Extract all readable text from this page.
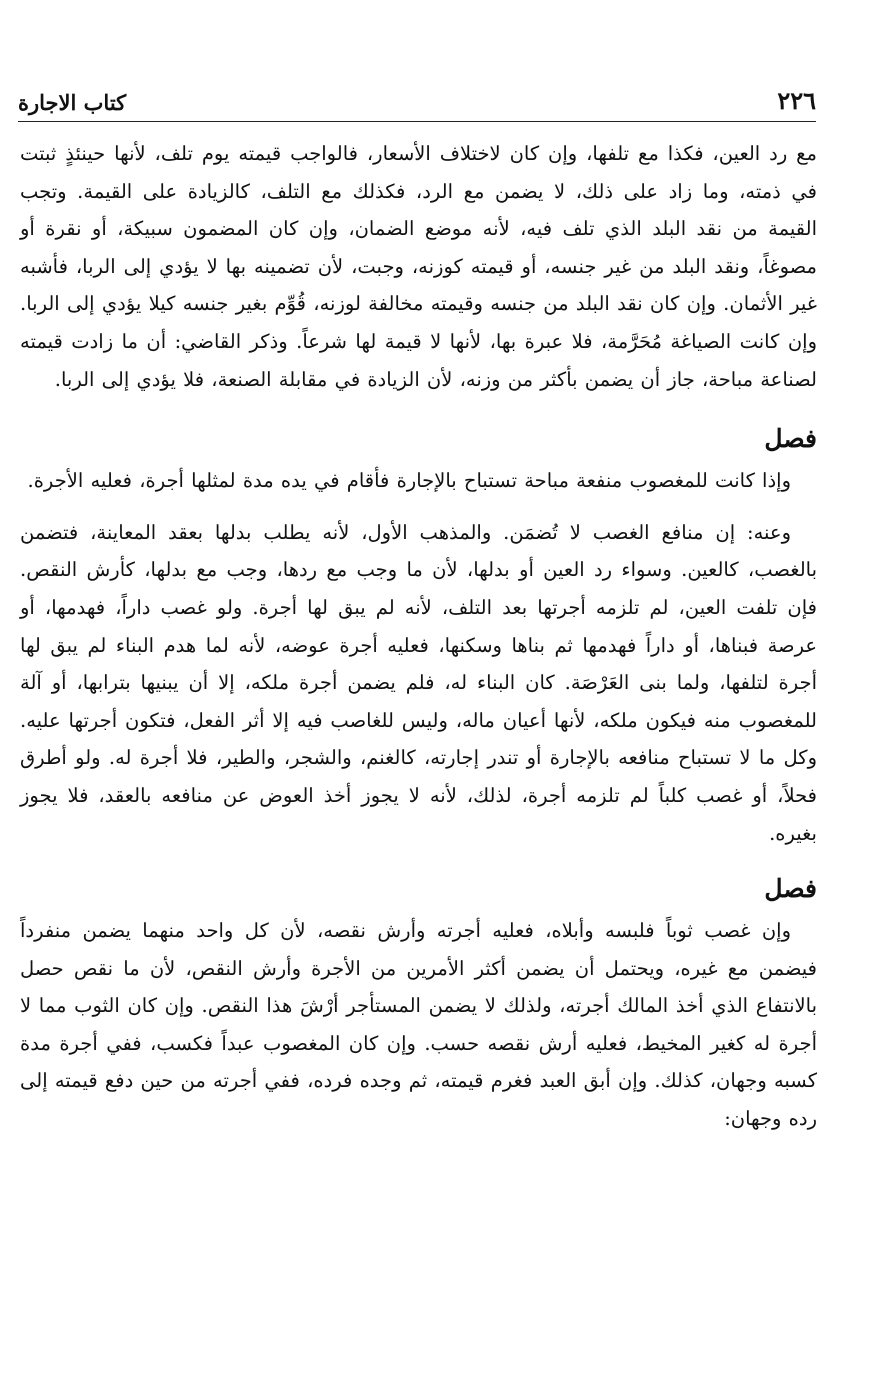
٢٢٦
كتاب الاجارة

مع رد العين، فكذا مع تلفها، وإن كان لاختلاف الأسعار، فالواجب قيمته يوم تلف، لأنها حينئذٍ ثبتت في ذمته، وما زاد على ذلك، لا يضمن مع الرد، فكذلك مع التلف، كالزيادة على القيمة. وتجب القيمة من نقد البلد الذي تلف فيه، لأنه موضع الضمان، وإن كان المضمون سبيكة، أو نقرة أو مصوغاً، ونقد البلد من غير جنسه، أو قيمته كوزنه، وجبت، لأن تضمينه بها لا يؤدي إلى الربا، فأشبه غير الأثمان. وإن كان نقد البلد من جنسه وقيمته مخالفة لوزنه، قُوِّم بغير جنسه كيلا يؤدي إلى الربا. وإن كانت الصياغة مُحَرَّمة، فلا عبرة بها، لأنها لا قيمة لها شرعاً. وذكر القاضي: أن ما زادت قيمته لصناعة مباحة، جاز أن يضمن بأكثر من وزنه، لأن الزيادة في مقابلة الصنعة، فلا يؤدي إلى الربا.

فصل

وإذا كانت للمغصوب منفعة مباحة تستباح بالإجارة فأقام في يده مدة لمثلها أجرة، فعليه الأجرة.

وعنه: إن منافع الغصب لا تُضمَن. والمذهب الأول، لأنه يطلب بدلها بعقد المعاينة، فتضمن بالغصب، كالعين. وسواء رد العين أو بدلها، لأن ما وجب مع ردها، وجب مع بدلها، كأرش النقص. فإن تلفت العين، لم تلزمه أجرتها بعد التلف، لأنه لم يبق لها أجرة. ولو غصب داراً، فهدمها، أو عرصة فبناها، أو داراً فهدمها ثم بناها وسكنها، فعليه أجرة عوضه، لأنه لما هدم البناء لم يبق لها أجرة لتلفها، ولما بنى العَرْصَة. كان البناء له، فلم يضمن أجرة ملكه، إلا أن يبنيها بترابها، أو آلة للمغصوب منه فيكون ملكه، لأنها أعيان ماله، وليس للغاصب فيه إلا أثر الفعل، فتكون أجرتها عليه. وكل ما لا تستباح منافعه بالإجارة أو تندر إجارته، كالغنم، والشجر، والطير، فلا أجرة له. ولو أطرق فحلاً، أو غصب كلباً لم تلزمه أجرة، لذلك، لأنه لا يجوز أخذ العوض عن منافعه بالعقد، فلا يجوز بغيره.

فصل

وإن غصب ثوباً فلبسه وأبلاه، فعليه أجرته وأرش نقصه، لأن كل واحد منهما يضمن منفرداً فيضمن مع غيره، ويحتمل أن يضمن أكثر الأمرين من الأجرة وأرش النقص، لأن ما نقص حصل بالانتفاع الذي أخذ المالك أجرته، ولذلك لا يضمن المستأجر أرْشَ هذا النقص. وإن كان الثوب مما لا أجرة له كغير المخيط، فعليه أرش نقصه حسب. وإن كان المغصوب عبداً فكسب، ففي أجرة مدة كسبه وجهان، كذلك. وإن أبق العبد فغرم قيمته، ثم وجده فرده، ففي أجرته من حين دفع قيمته إلى رده وجهان:
